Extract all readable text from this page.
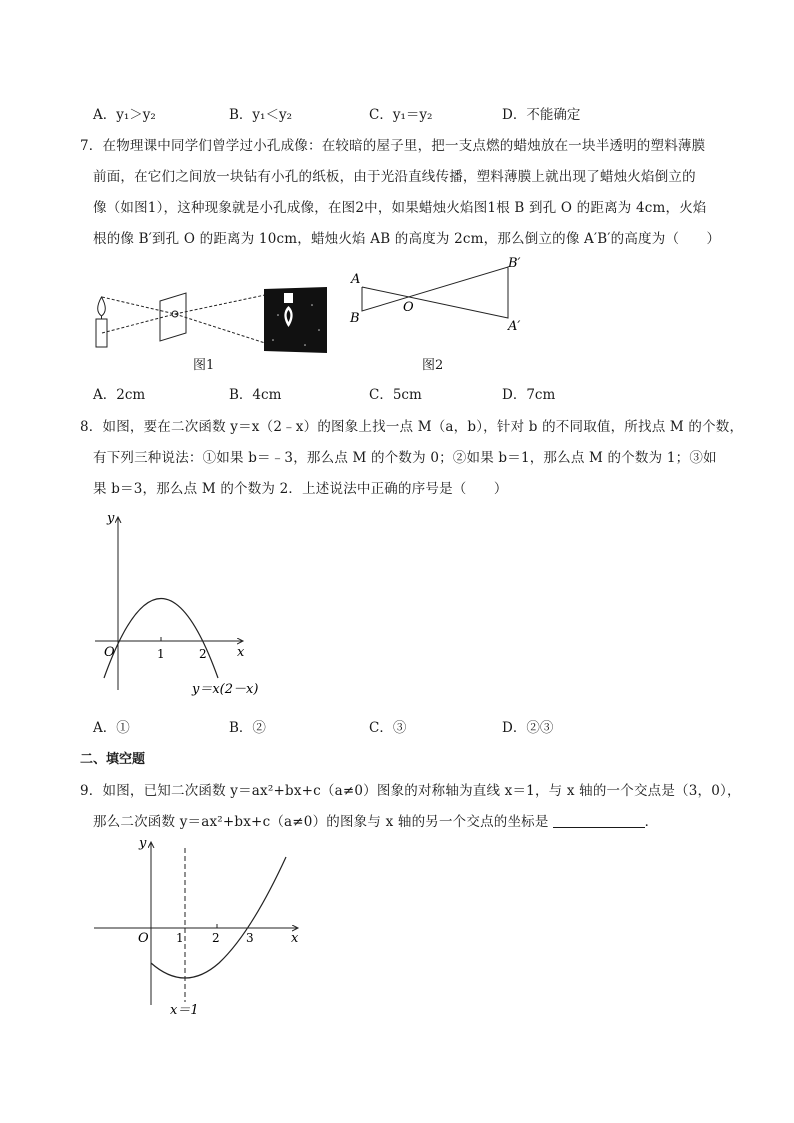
A．y₁＞y₂	B．y₁＜y₂	C．y₁＝y₂	D．不能确定
7．在物理课中同学们曾学过小孔成像：在较暗的屋子里，把一支点燃的蜡烛放在一块半透明的塑料薄膜
前面，在它们之间放一块钻有小孔的纸板，由于光沿直线传播，塑料薄膜上就出现了蜡烛火焰倒立的
像（如图1），这种现象就是小孔成像，在图2中，如果蜡烛火焰图1根 B 到孔 O 的距离为 4cm，火焰
根的像 B′到孔 O 的距离为 10cm，蜡烛火焰 AB 的高度为 2cm，那么倒立的像 A′B′的高度为（　　）
图1
A
B
O
B′
A′
图2
A．2cm	B．4cm	C．5cm	D．7cm
8．如图，要在二次函数 y＝x（2﹣x）的图象上找一点 M（a，b），针对 b 的不同取值，所找点 M 的个数，
有下列三种说法：①如果 b＝﹣3，那么点 M 的个数为 0；②如果 b＝1，那么点 M 的个数为 1；③如
果 b＝3，那么点 M 的个数为 2．上述说法中正确的序号是（　　）
y
x
O	1	2
y＝x(2－x)
A．①	B．②	C．③	D．②③
二、填空题
9．如图，已知二次函数 y＝ax²+bx+c（a≠0）图象的对称轴为直线 x＝1，与 x 轴的一个交点是（3，0），
那么二次函数 y＝ax²+bx+c（a≠0）的图象与 x 轴的另一个交点的坐标是	．
y
x
O 1 2 3
x＝1
